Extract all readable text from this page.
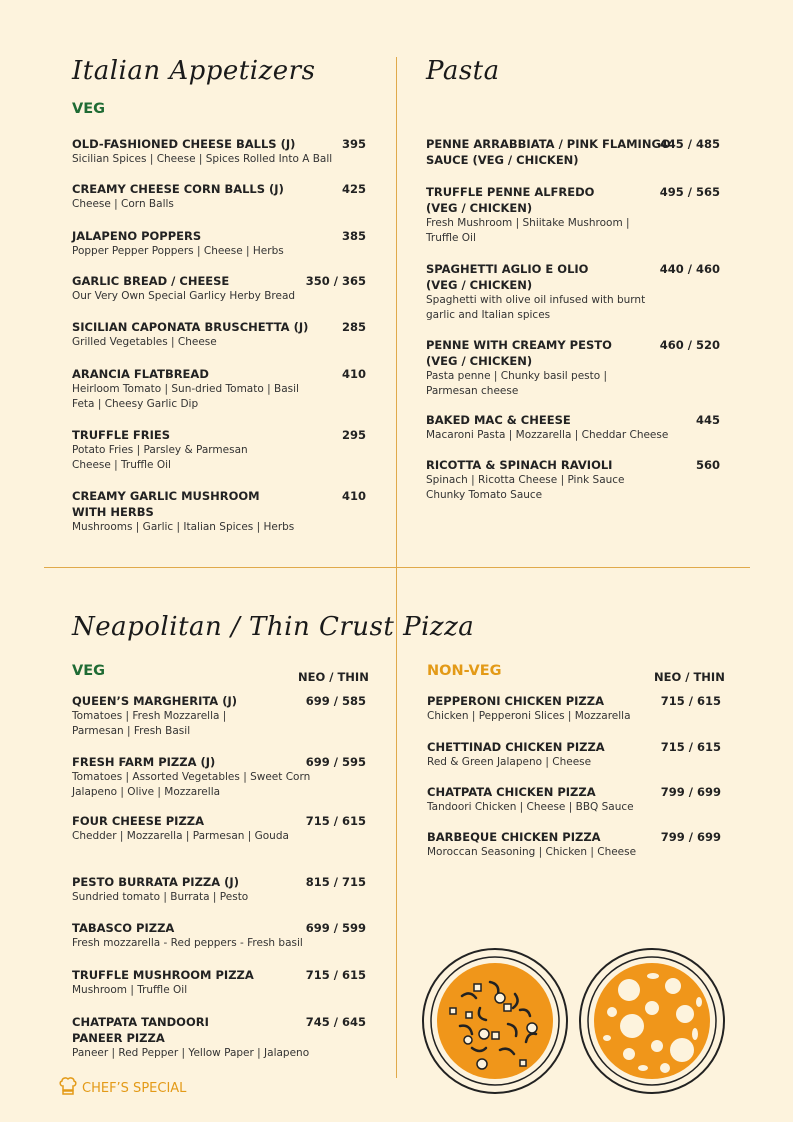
Italian Appetizers
VEG
OLD-FASHIONED CHEESE BALLS (J)	395
Sicilian Spices | Cheese | Spices Rolled Into A Ball
CREAMY CHEESE CORN BALLS (J)	425
Cheese | Corn Balls
JALAPENO POPPERS	385
Popper Pepper Poppers | Cheese | Herbs
GARLIC BREAD / CHEESE	350 / 365
Our Very Own Special Garlicy Herby Bread
SICILIAN CAPONATA BRUSCHETTA (J)	285
Grilled Vegetables | Cheese
ARANCIA FLATBREAD	410
Heirloom Tomato | Sun-dried Tomato | Basil Feta | Cheesy Garlic Dip
TRUFFLE FRIES	295
Potato Fries | Parsley & Parmesan Cheese | Truffle Oil
CREAMY GARLIC MUSHROOM WITH HERBS
410
Mushrooms | Garlic | Italian Spices | Herbs
Pasta
PENNE ARRABBIATA / PINK FLAMINGO SAUCE (VEG / CHICKEN)
445 / 485
TRUFFLE PENNE ALFREDO (VEG / CHICKEN)
495 / 565
Fresh Mushroom | Shiitake Mushroom | Truffle Oil
SPAGHETTI AGLIO E OLIO (VEG / CHICKEN)
440 / 460
Spaghetti with olive oil infused with burnt garlic and Italian spices
PENNE WITH CREAMY PESTO (VEG / CHICKEN)
460 / 520
Pasta penne | Chunky basil pesto | Parmesan cheese
BAKED MAC & CHEESE	445
Macaroni Pasta | Mozzarella | Cheddar Cheese
RICOTTA & SPINACH RAVIOLI	560
Spinach | Ricotta Cheese | Pink Sauce Chunky Tomato Sauce
Neapolitan / Thin Crust Pizza
VEG	NEO / THIN	NON-VEG	NEO / THIN
QUEEN’S MARGHERITA (J)	699 / 585
Tomatoes | Fresh Mozzarella | Parmesan | Fresh Basil
FRESH FARM PIZZA (J)	699 / 595
Tomatoes | Assorted Vegetables | Sweet Corn Jalapeno | Olive | Mozzarella
FOUR CHEESE PIZZA	715 / 615
Chedder | Mozzarella | Parmesan | Gouda
PESTO BURRATA PIZZA (J)	815 / 715
Sundried tomato | Burrata | Pesto
TABASCO PIZZA	699 / 599
Fresh mozzarella - Red peppers - Fresh basil
TRUFFLE MUSHROOM PIZZA	715 / 615
Mushroom | Truffle Oil
CHATPATA TANDOORI PANEER PIZZA
745 / 645
Paneer | Red Pepper | Yellow Paper | Jalapeno
PEPPERONI CHICKEN PIZZA	715 / 615
Chicken | Pepperoni Slices | Mozzarella
CHETTINAD CHICKEN PIZZA	715 / 615
Red & Green Jalapeno | Cheese
CHATPATA CHICKEN PIZZA	799 / 699
Tandoori Chicken | Cheese | BBQ Sauce
BARBEQUE CHICKEN PIZZA	799 / 699
Moroccan Seasoning | Chicken | Cheese
CHEF’S SPECIAL
